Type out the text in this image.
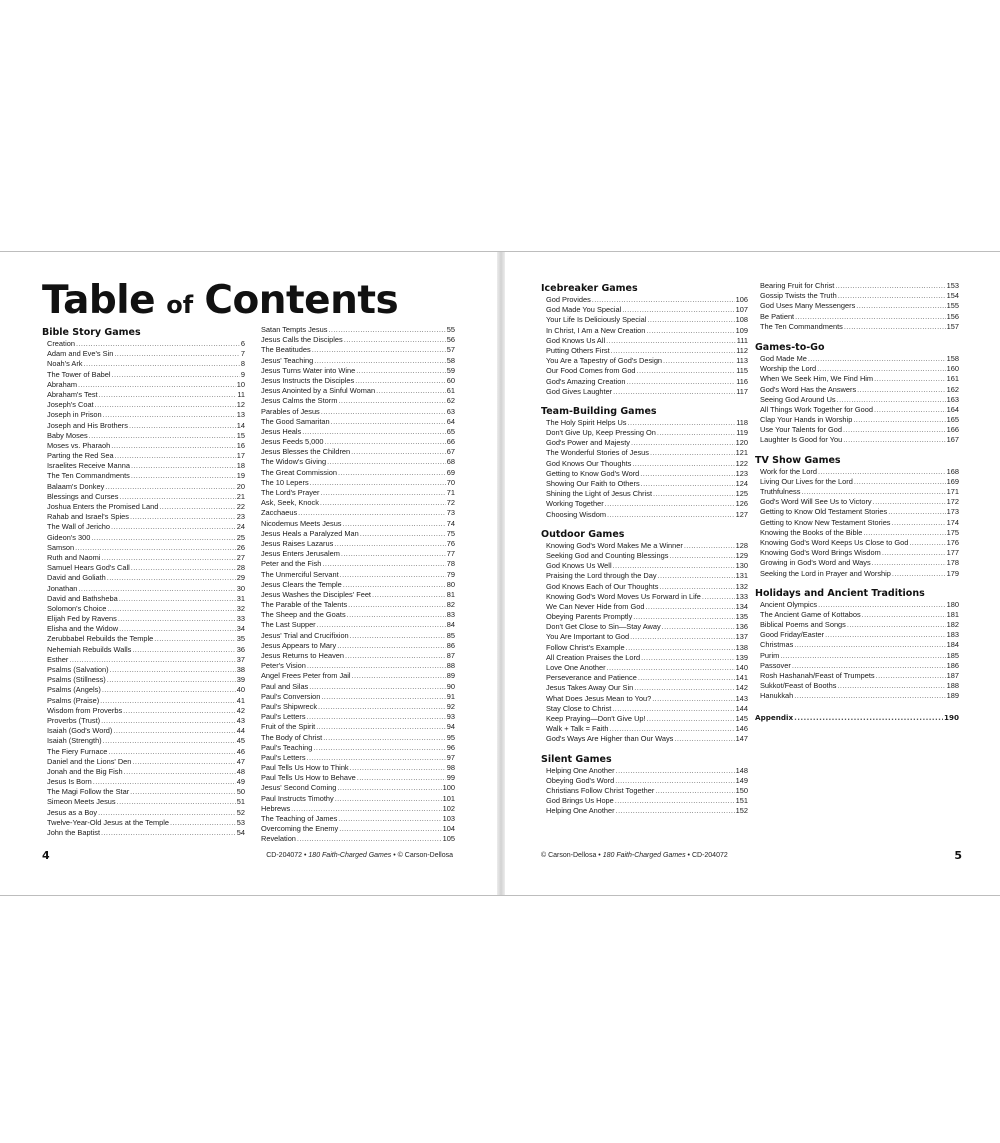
Table of Contents
Bible Story Games
Creation .....	6
Adam and Eve's Sin .....	7
Noah's Ark .....	8
The Tower of Babel .....	9
Abraham .....	10
Abraham's Test .....	11
Joseph's Coat .....	12
Joseph in Prison .....	13
Joseph and His Brothers .....	14
Baby Moses .....	15
Moses vs. Pharaoh .....	16
Parting the Red Sea .....	17
Israelites Receive Manna .....	18
The Ten Commandments .....	19
Balaam's Donkey .....	20
Blessings and Curses .....	21
Joshua Enters the Promised Land .....	22
Rahab and Israel's Spies .....	23
The Wall of Jericho .....	24
Gideon's 300 .....	25
Samson .....	26
Ruth and Naomi .....	27
Samuel Hears God's Call .....	28
David and Goliath .....	29
Jonathan .....	30
David and Bathsheba .....	31
Solomon's Choice .....	32
Elijah Fed by Ravens .....	33
Elisha and the Widow .....	34
Zerubbabel Rebuilds the Temple .....	35
Nehemiah Rebuilds Walls .....	36
Esther .....	37
Psalms (Salvation) .....	38
Psalms (Stillness) .....	39
Psalms (Angels) .....	40
Psalms (Praise) .....	41
Wisdom from Proverbs .....	42
Proverbs (Trust) .....	43
Isaiah (God's Word) .....	44
Isaiah (Strength) .....	45
The Fiery Furnace .....	46
Daniel and the Lions' Den .....	47
Jonah and the Big Fish .....	48
Jesus Is Born .....	49
The Magi Follow the Star .....	50
Simeon Meets Jesus .....	51
Jesus as a Boy .....	52
Twelve-Year-Old Jesus at the Temple .....	53
John the Baptist .....	54
Satan Tempts Jesus .....	55
Jesus Calls the Disciples .....	56
The Beatitudes .....	57
Jesus' Teaching .....	58
Jesus Turns Water into Wine .....	59
Jesus Instructs the Disciples .....	60
Jesus Anointed by a Sinful Woman .....	61
Jesus Calms the Storm .....	62
Parables of Jesus .....	63
The Good Samaritan .....	64
Jesus Heals .....	65
Jesus Feeds 5,000 .....	66
Jesus Blesses the Children .....	67
The Widow's Giving .....	68
The Great Commission .....	69
The 10 Lepers .....	70
The Lord's Prayer .....	71
Ask, Seek, Knock .....	72
Zacchaeus .....	73
Nicodemus Meets Jesus .....	74
Jesus Heals a Paralyzed Man .....	75
Jesus Raises Lazarus .....	76
Jesus Enters Jerusalem .....	77
Peter and the Fish .....	78
The Unmerciful Servant .....	79
Jesus Clears the Temple .....	80
Jesus Washes the Disciples' Feet .....	81
The Parable of the Talents .....	82
The Sheep and the Goats .....	83
The Last Supper .....	84
Jesus' Trial and Crucifixion .....	85
Jesus Appears to Mary .....	86
Jesus Returns to Heaven .....	87
Peter's Vision .....	88
Angel Frees Peter from Jail .....	89
Paul and Silas .....	90
Paul's Conversion .....	91
Paul's Shipwreck .....	92
Paul's Letters .....	93
Fruit of the Spirit .....	94
The Body of Christ .....	95
Paul's Teaching .....	96
Paul's Letters .....	97
Paul Tells Us How to Think .....	98
Paul Tells Us How to Behave .....	99
Jesus' Second Coming .....	100
Paul Instructs Timothy .....	101
Hebrews .....	102
The Teaching of James .....	103
Overcoming the Enemy .....	104
Revelation .....	105
4	CD-204072 • 180 Faith-Charged Games • © Carson-Dellosa
Icebreaker Games
God Provides .....	106
God Made You Special .....	107
Your Life Is Deliciously Special .....	108
In Christ, I Am a New Creation .....	109
God Knows Us All .....	111
Putting Others First .....	112
You Are a Tapestry of God's Design .....	113
Our Food Comes from God .....	115
God's Amazing Creation .....	116
God Gives Laughter .....	117
Team-Building Games
The Holy Spirit Helps Us .....	118
Don't Give Up, Keep Pressing On .....	119
God's Power and Majesty .....	120
The Wonderful Stories of Jesus .....	121
God Knows Our Thoughts .....	122
Getting to Know God's Word .....	123
Showing Our Faith to Others .....	124
Shining the Light of Jesus Christ .....	125
Working Together .....	126
Choosing Wisdom .....	127
Outdoor Games
Knowing God's Word Makes Me a Winner .....	128
Seeking God and Counting Blessings .....	129
God Knows Us Well .....	130
Praising the Lord through the Day .....	131
God Knows Each of Our Thoughts .....	132
Knowing God's Word Moves Us Forward in Life .....	133
We Can Never Hide from God .....	134
Obeying Parents Promptly .....	135
Don't Get Close to Sin—Stay Away .....	136
You Are Important to God .....	137
Follow Christ's Example .....	138
All Creation Praises the Lord .....	139
Love One Another .....	140
Perseverance and Patience .....	141
Jesus Takes Away Our Sin .....	142
What Does Jesus Mean to You? .....	143
Stay Close to Christ .....	144
Keep Praying—Don't Give Up! .....	145
Walk + Talk = Faith .....	146
God's Ways Are Higher than Our Ways .....	147
Silent Games
Helping One Another .....	148
Obeying God's Word .....	149
Christians Follow Christ Together .....	150
God Brings Us Hope .....	151
Helping One Another .....	152
Bearing Fruit for Christ .....	153
Gossip Twists the Truth .....	154
God Uses Many Messengers .....	155
Be Patient .....	156
The Ten Commandments .....	157
Games-to-Go
God Made Me .....	158
Worship the Lord .....	160
When We Seek Him, We Find Him .....	161
God's Word Has the Answers .....	162
Seeing God Around Us .....	163
All Things Work Together for Good .....	164
Clap Your Hands in Worship .....	165
Use Your Talents for God .....	166
Laughter Is Good for You .....	167
TV Show Games
Work for the Lord .....	168
Living Our Lives for the Lord .....	169
Truthfulness .....	171
God's Word Will See Us to Victory .....	172
Getting to Know Old Testament Stories .....	173
Getting to Know New Testament Stories .....	174
Knowing the Books of the Bible .....	175
Knowing God's Word Keeps Us Close to God .....	176
Knowing God's Word Brings Wisdom .....	177
Growing in God's Word and Ways .....	178
Seeking the Lord in Prayer and Worship .....	179
Holidays and Ancient Traditions
Ancient Olympics .....	180
The Ancient Game of Kottabos .....	181
Biblical Poems and Songs .....	182
Good Friday/Easter .....	183
Christmas .....	184
Purim .....	185
Passover .....	186
Rosh Hashanah/Feast of Trumpets .....	187
Sukkot/Feast of Booths .....	188
Hanukkah .....	189
Appendix .....	190
© Carson-Dellosa • 180 Faith-Charged Games • CD-204072	5
